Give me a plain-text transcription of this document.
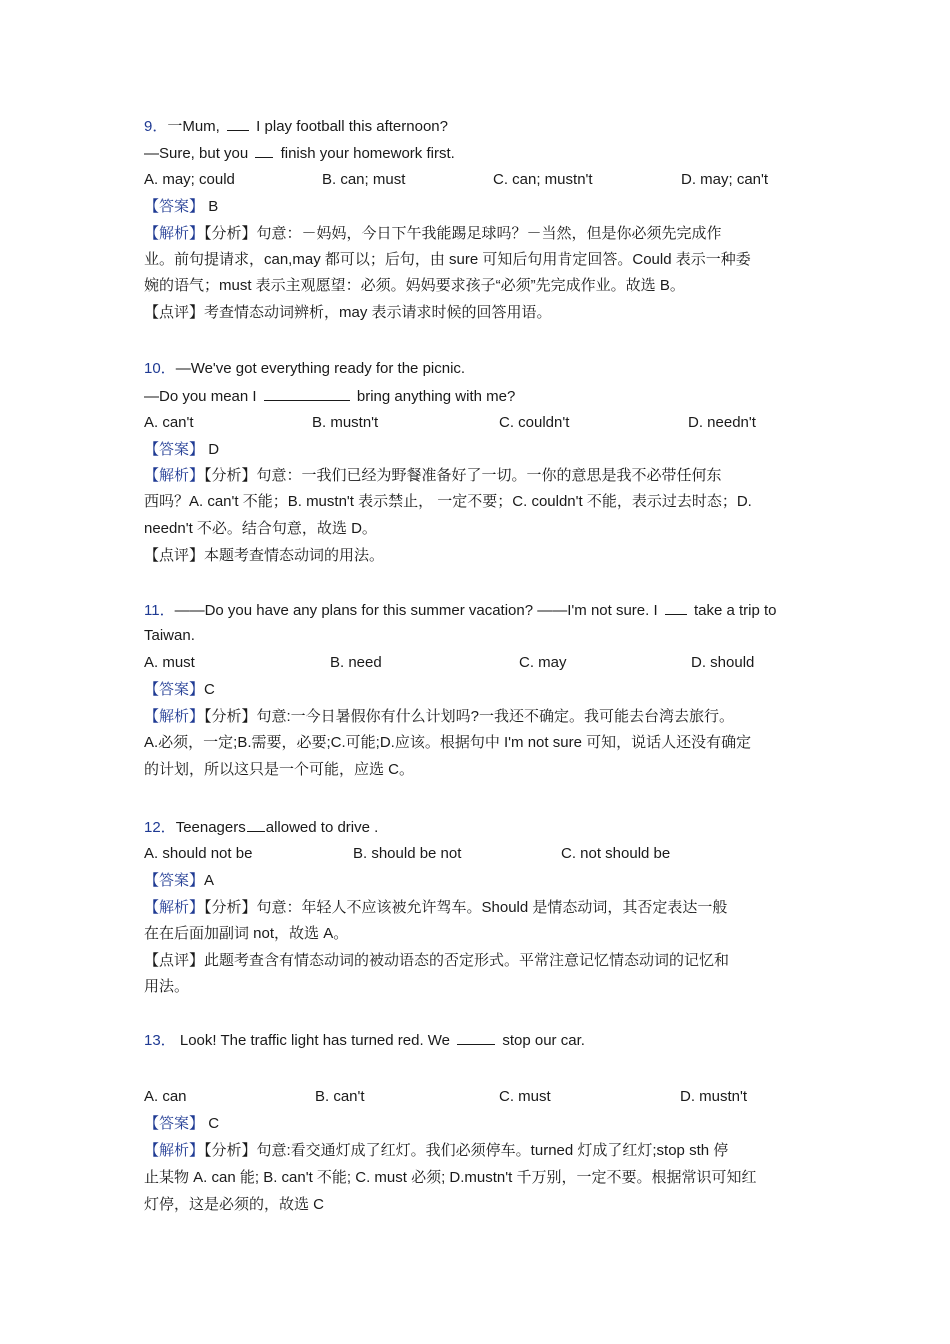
9．一Mum,  I play football this afternoon?
—Sure, but you  finish your homework first.
A. may; could	B. can; must	C. can; mustn't	D. may; can't
【答案】 B
【解析】【分析】句意：－妈妈，今日下午我能踢足球吗？－当然，但是你必须先完成作
业。前句提请求，can,may 都可以；后句，由 sure 可知后句用肯定回答。Could 表示一种委
婉的语气；must 表示主观愿望：必须。妈妈要求孩子“必须”先完成作业。故选 B。
【点评】考查情态动词辨析，may 表示请求时候的回答用语。
10．—We've got everything ready for the picnic.
—Do you mean I	bring anything with me?
A. can't	B. mustn't	C. couldn't	D. needn't
【答案】 D
【解析】【分析】句意：一我们已经为野餐准备好了一切。一你的意思是我不必带任何东
西吗？A. can't 不能；B. mustn't 表示禁止， 一定不要；C. couldn't 不能，表示过去时态；D.
needn't 不必。结合句意，故选 D。
【点评】本题考查情态动词的用法。
11．——Do you have any plans for this summer vacation? ——I'm not sure. I  take a trip to
Taiwan.
A. must	B. need	C. may	D. should
【答案】C
【解析】【分析】句意:一今日暑假你有什么计划吗?一我还不确定。我可能去台湾去旅行。
A.必须，一定;B.需要，必要;C.可能;D.应该。根据句中 I'm not sure 可知，说话人还没有确定
的计划，所以这只是一个可能，应选 C。
12．Teenagers allowed to drive .
A. should not be	B. should be not	C. not should be
【答案】A
【解析】【分析】句意：年轻人不应该被允许驾车。Should 是情态动词，其否定表达一般
在在后面加副词 not，故选 A。
【点评】此题考查含有情态动词的被动语态的否定形式。平常注意记忆情态动词的记忆和
用法。
13． Look! The traffic light has turned red. We	stop our car.
A. can	B. can't	C. must	D. mustn't
【答案】 C
【解析】【分析】句意:看交通灯成了红灯。我们必须停车。turned 灯成了红灯;stop sth 停
止某物 A. can 能; B. can't 不能; C. must 必须; D.mustn't 千万别，一定不要。根据常识可知红
灯停，这是必须的，故选 C
